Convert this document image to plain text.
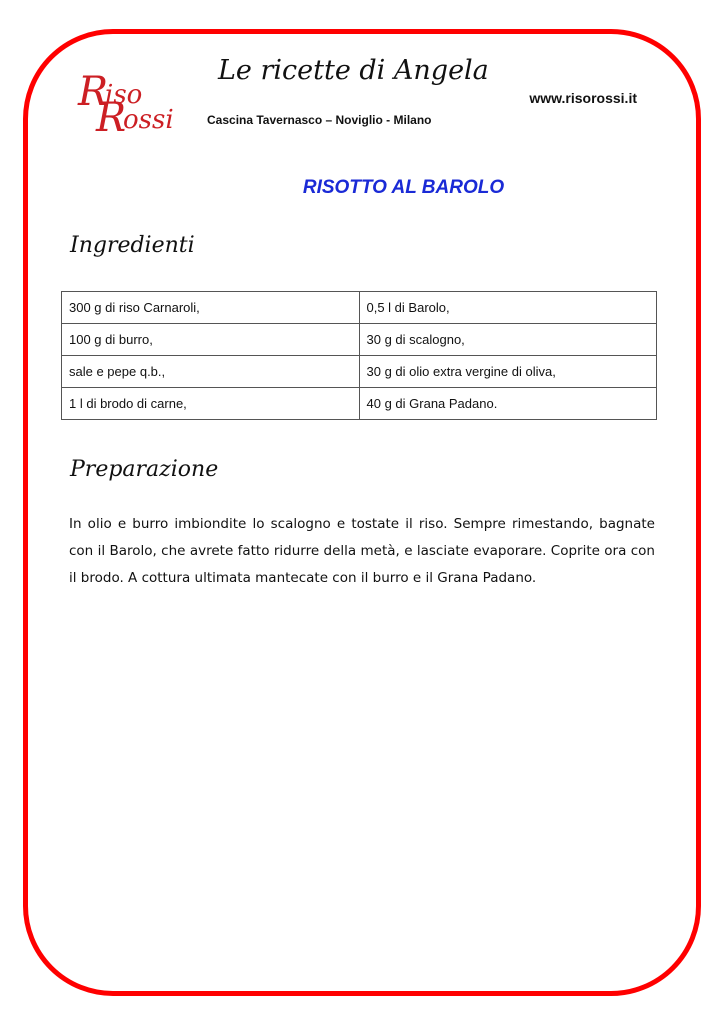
R
iso
R
ossi
Le ricette di Angela
Cascina Tavernasco – Noviglio - Milano
www.risorossi.it
RISOTTO AL BAROLO
Ingredienti
300 g di riso Carnaroli,	0,5 l di Barolo,
100 g di burro,	30 g di scalogno,
sale e pepe q.b.,	30 g di olio extra vergine di oliva,
1 l di brodo di carne,	40 g di Grana Padano.
Preparazione

In olio e burro imbiondite lo scalogno e tostate il riso. Sempre rimestando, bagnate con il Barolo, che avrete fatto ridurre della metà, e lasciate evaporare. Coprite ora con il brodo. A cottura ultimata mantecate con il burro e il Grana Padano.
